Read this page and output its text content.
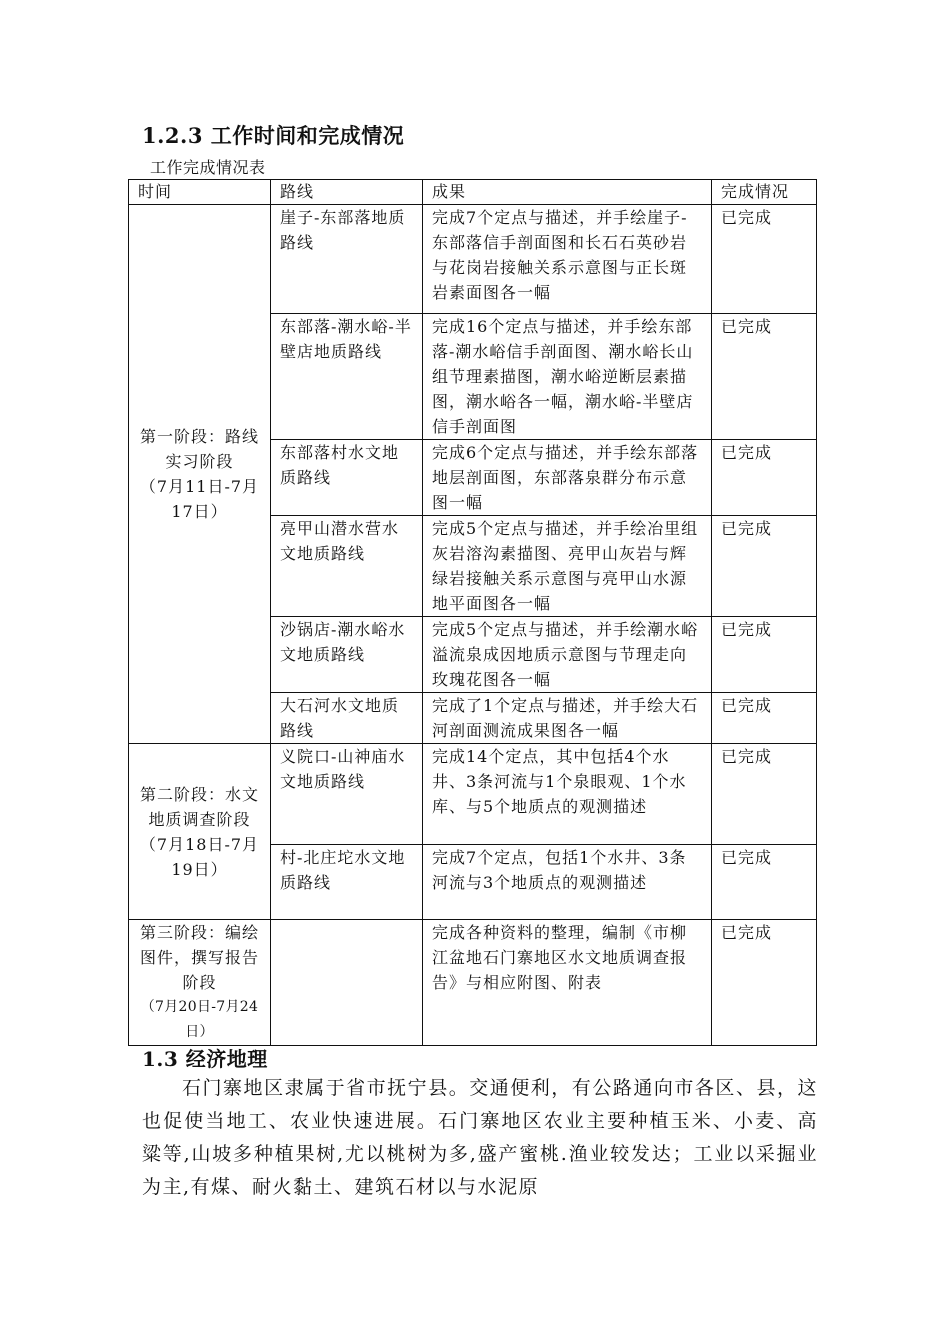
1.2.3 工作时间和完成情况
工作完成情况表
时间	路线	成果	完成情况

第一阶段：路线实习阶段
（7月11日-7月17日）	崖子-东部落地质路线	完成7个定点与描述，并手绘崖子-东部落信手剖面图和长石石英砂岩与花岗岩接触关系示意图与正长斑岩素面图各一幅	已完成
	东部落-潮水峪-半壁店地质路线	完成16个定点与描述，并手绘东部落-潮水峪信手剖面图、潮水峪长山组节理素描图，潮水峪逆断层素描图，潮水峪各一幅，潮水峪-半壁店信手剖面图	已完成
	东部落村水文地质路线	完成6个定点与描述，并手绘东部落地层剖面图，东部落泉群分布示意图一幅	已完成
	亮甲山潜水营水文地质路线	完成5个定点与描述，并手绘冶里组灰岩溶沟素描图、亮甲山灰岩与辉绿岩接触关系示意图与亮甲山水源地平面图各一幅	已完成
	沙锅店-潮水峪水文地质路线	完成5个定点与描述，并手绘潮水峪溢流泉成因地质示意图与节理走向玫瑰花图各一幅	已完成
	大石河水文地质路线	完成了1个定点与描述，并手绘大石河剖面测流成果图各一幅	已完成

第二阶段：水文地质调查阶段
（7月18日-7月19日）	义院口-山神庙水文地质路线	完成14个定点，其中包括4个水井、3条河流与1个泉眼观、1个水库、与5个地质点的观测描述	已完成
	村-北庄坨水文地质路线	完成7个定点，包括1个水井、3条河流与3个地质点的观测描述	已完成

第三阶段：编绘图件，撰写报告阶段
（7月20日-7月24日）		完成各种资料的整理，编制《市柳江盆地石门寨地区水文地质调查报告》与相应附图、附表	已完成
1.3 经济地理

石门寨地区隶属于省市抚宁县。交通便利，有公路通向市各区、县，这也促使当地工、农业快速进展。石门寨地区农业主要种植玉米、小麦、高粱等,山坡多种植果树,尤以桃树为多,盛产蜜桃.渔业较发达；工业以采掘业为主,有煤、耐火黏土、建筑石材以与水泥原
